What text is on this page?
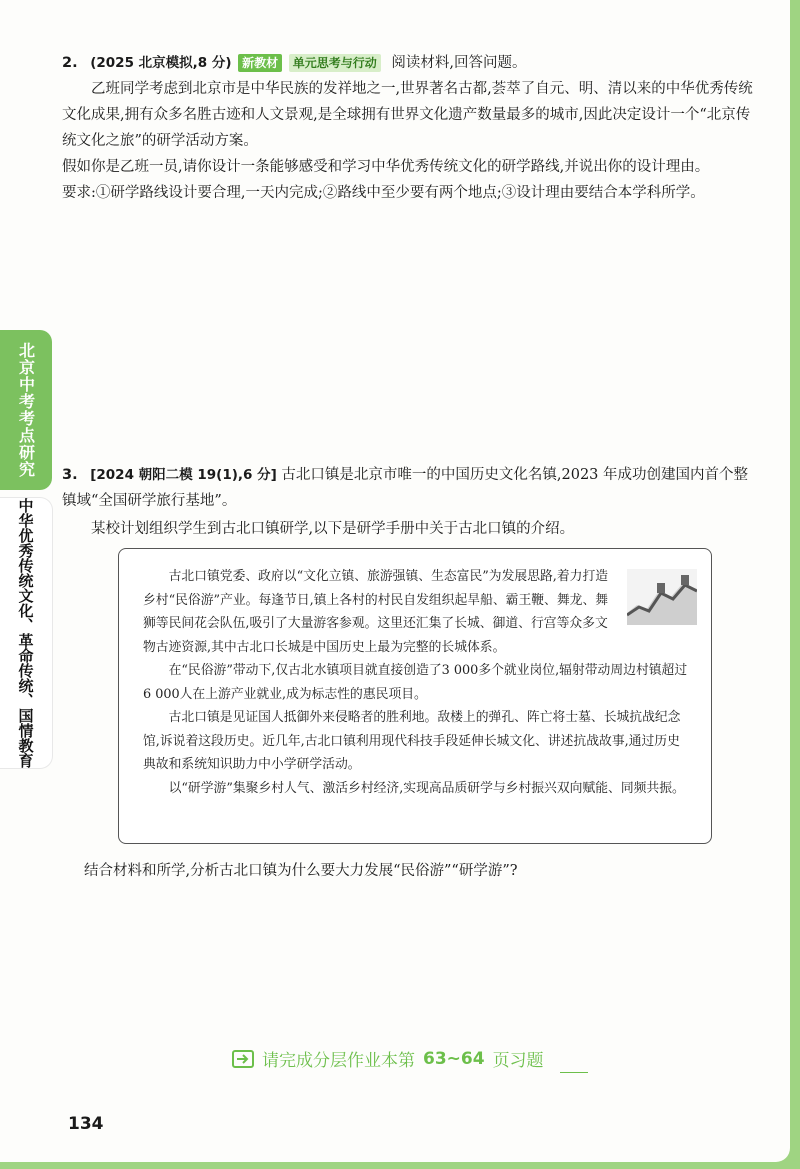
2. (2025 北京模拟,8 分) 新教材 单元思考与行动 阅读材料,回答问题。
乙班同学考虑到北京市是中华民族的发祥地之一,世界著名古都,荟萃了自元、明、清以来的中华优秀传统文化成果,拥有众多名胜古迹和人文景观,是全球拥有世界文化遗产数量最多的城市,因此决定设计一个“北京传统文化之旅”的研学活动方案。
假如你是乙班一员,请你设计一条能够感受和学习中华优秀传统文化的研学路线,并说出你的设计理由。
要求:①研学路线设计要合理,一天内完成;②路线中至少要有两个地点;③设计理由要结合本学科所学。
北京中考考点研究
中华优秀传统文化、革命传统、国情教育
3. [2024 朝阳二模 19(1),6 分] 古北口镇是北京市唯一的中国历史文化名镇,2023 年成功创建国内首个整镇域“全国研学旅行基地”。
某校计划组织学生到古北口镇研学,以下是研学手册中关于古北口镇的介绍。

古北口镇党委、政府以“文化立镇、旅游强镇、生态富民”为发展思路,着力打造乡村“民俗游”产业。每逢节日,镇上各村的村民自发组织起旱船、霸王鞭、舞龙、舞狮等民间花会队伍,吸引了大量游客参观。这里还汇集了长城、御道、行宫等众多文物古迹资源,其中古北口长城是中国历史上最为完整的长城体系。

在“民俗游”带动下,仅古北水镇项目就直接创造了3 000多个就业岗位,辐射带动周边村镇超过6 000人在上游产业就业,成为标志性的惠民项目。

古北口镇是见证国人抵御外来侵略者的胜利地。敌楼上的弹孔、阵亡将士墓、长城抗战纪念馆,诉说着这段历史。近几年,古北口镇利用现代科技手段延伸长城文化、讲述抗战故事,通过历史典故和系统知识助力中小学研学活动。

以“研学游”集聚乡村人气、激活乡村经济,实现高品质研学与乡村振兴双向赋能、同频共振。

结合材料和所学,分析古北口镇为什么要大力发展“民俗游”“研学游”?
请完成分层作业本第 63~64 页习题
134
